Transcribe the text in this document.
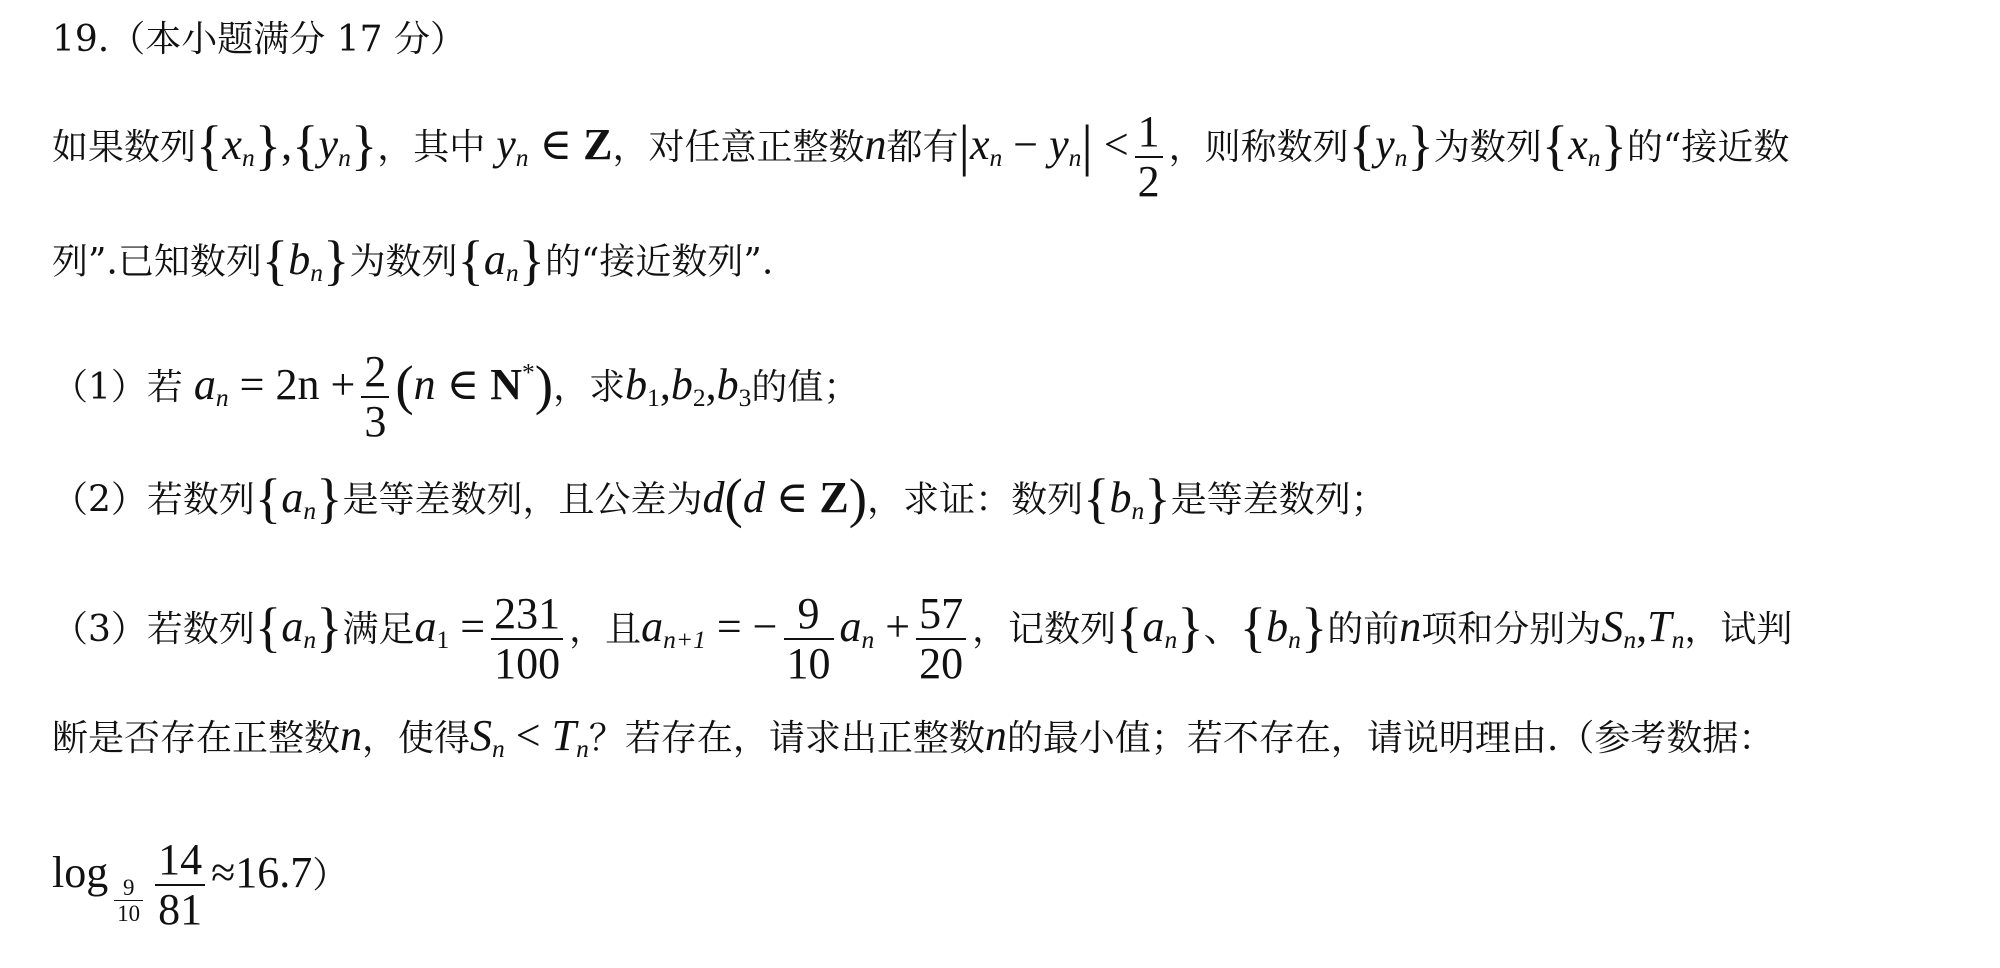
19.（本小题满分 17 分）
如果数列$\{x_n\},\{y_n\}$，其中 $y_n$ ∈ Z，对任意正整数n都有$|x_n - y_n| < \frac{1}{2}$ ，则称数列$\{y_n\}$为数列$\{x_n\}$的“接近数
列”.已知数列$\{b_n\}$为数列$\{a_n\}$的“接近数列”.
（1）若 $a_n = 2n + \frac{2}{3} (n$ ∈ N*)，求$b_1,b_2,b_3$的值；
（2）若数列$\{a_n\}$是等差数列，且公差为d(d ∈ Z)，求证：数列$\{b_n\}$是等差数列；
（3）若数列$\{a_n\}$满足$a_1 = \frac{231}{100}$ ，且$a_{n+1}$ = − $\frac{9}{10} a_n + \frac{57}{20}$ ，记数列$\{a_n\}$、$\{b_n\}$的前n项和分别为$S_n,T_n$，试判
断是否存在正整数n，使得$S_n < T_n$？若存在，请求出正整数n的最小值；若不存在，请说明理由.（参考数据：
log
$\frac{9}{10} \frac{14}{81} \approx 16.7$）
